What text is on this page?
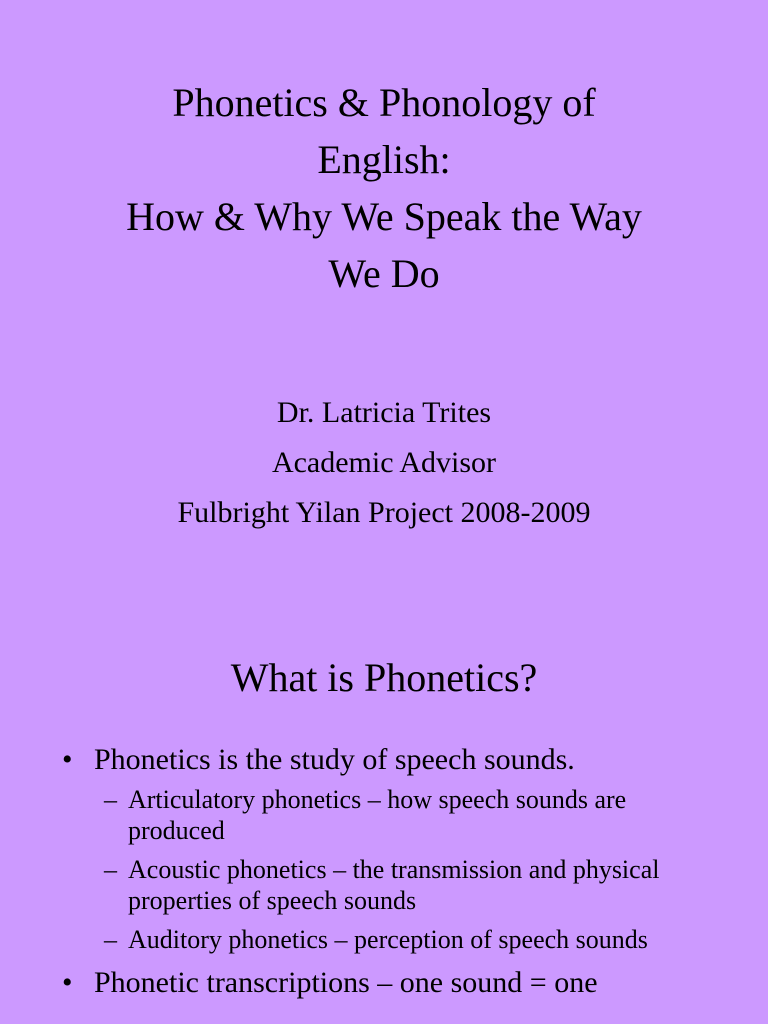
Phonetics & Phonology of
English:
How & Why We Speak the Way
We Do
Dr. Latricia Trites
Academic Advisor
Fulbright Yilan Project 2008-2009
What is Phonetics?
• Phonetics is the study of speech sounds.
– Articulatory phonetics – how speech sounds are produced
– Acoustic phonetics – the transmission and physical properties of speech sounds
– Auditory phonetics – perception of speech sounds
• Phonetic transcriptions – one sound = one
